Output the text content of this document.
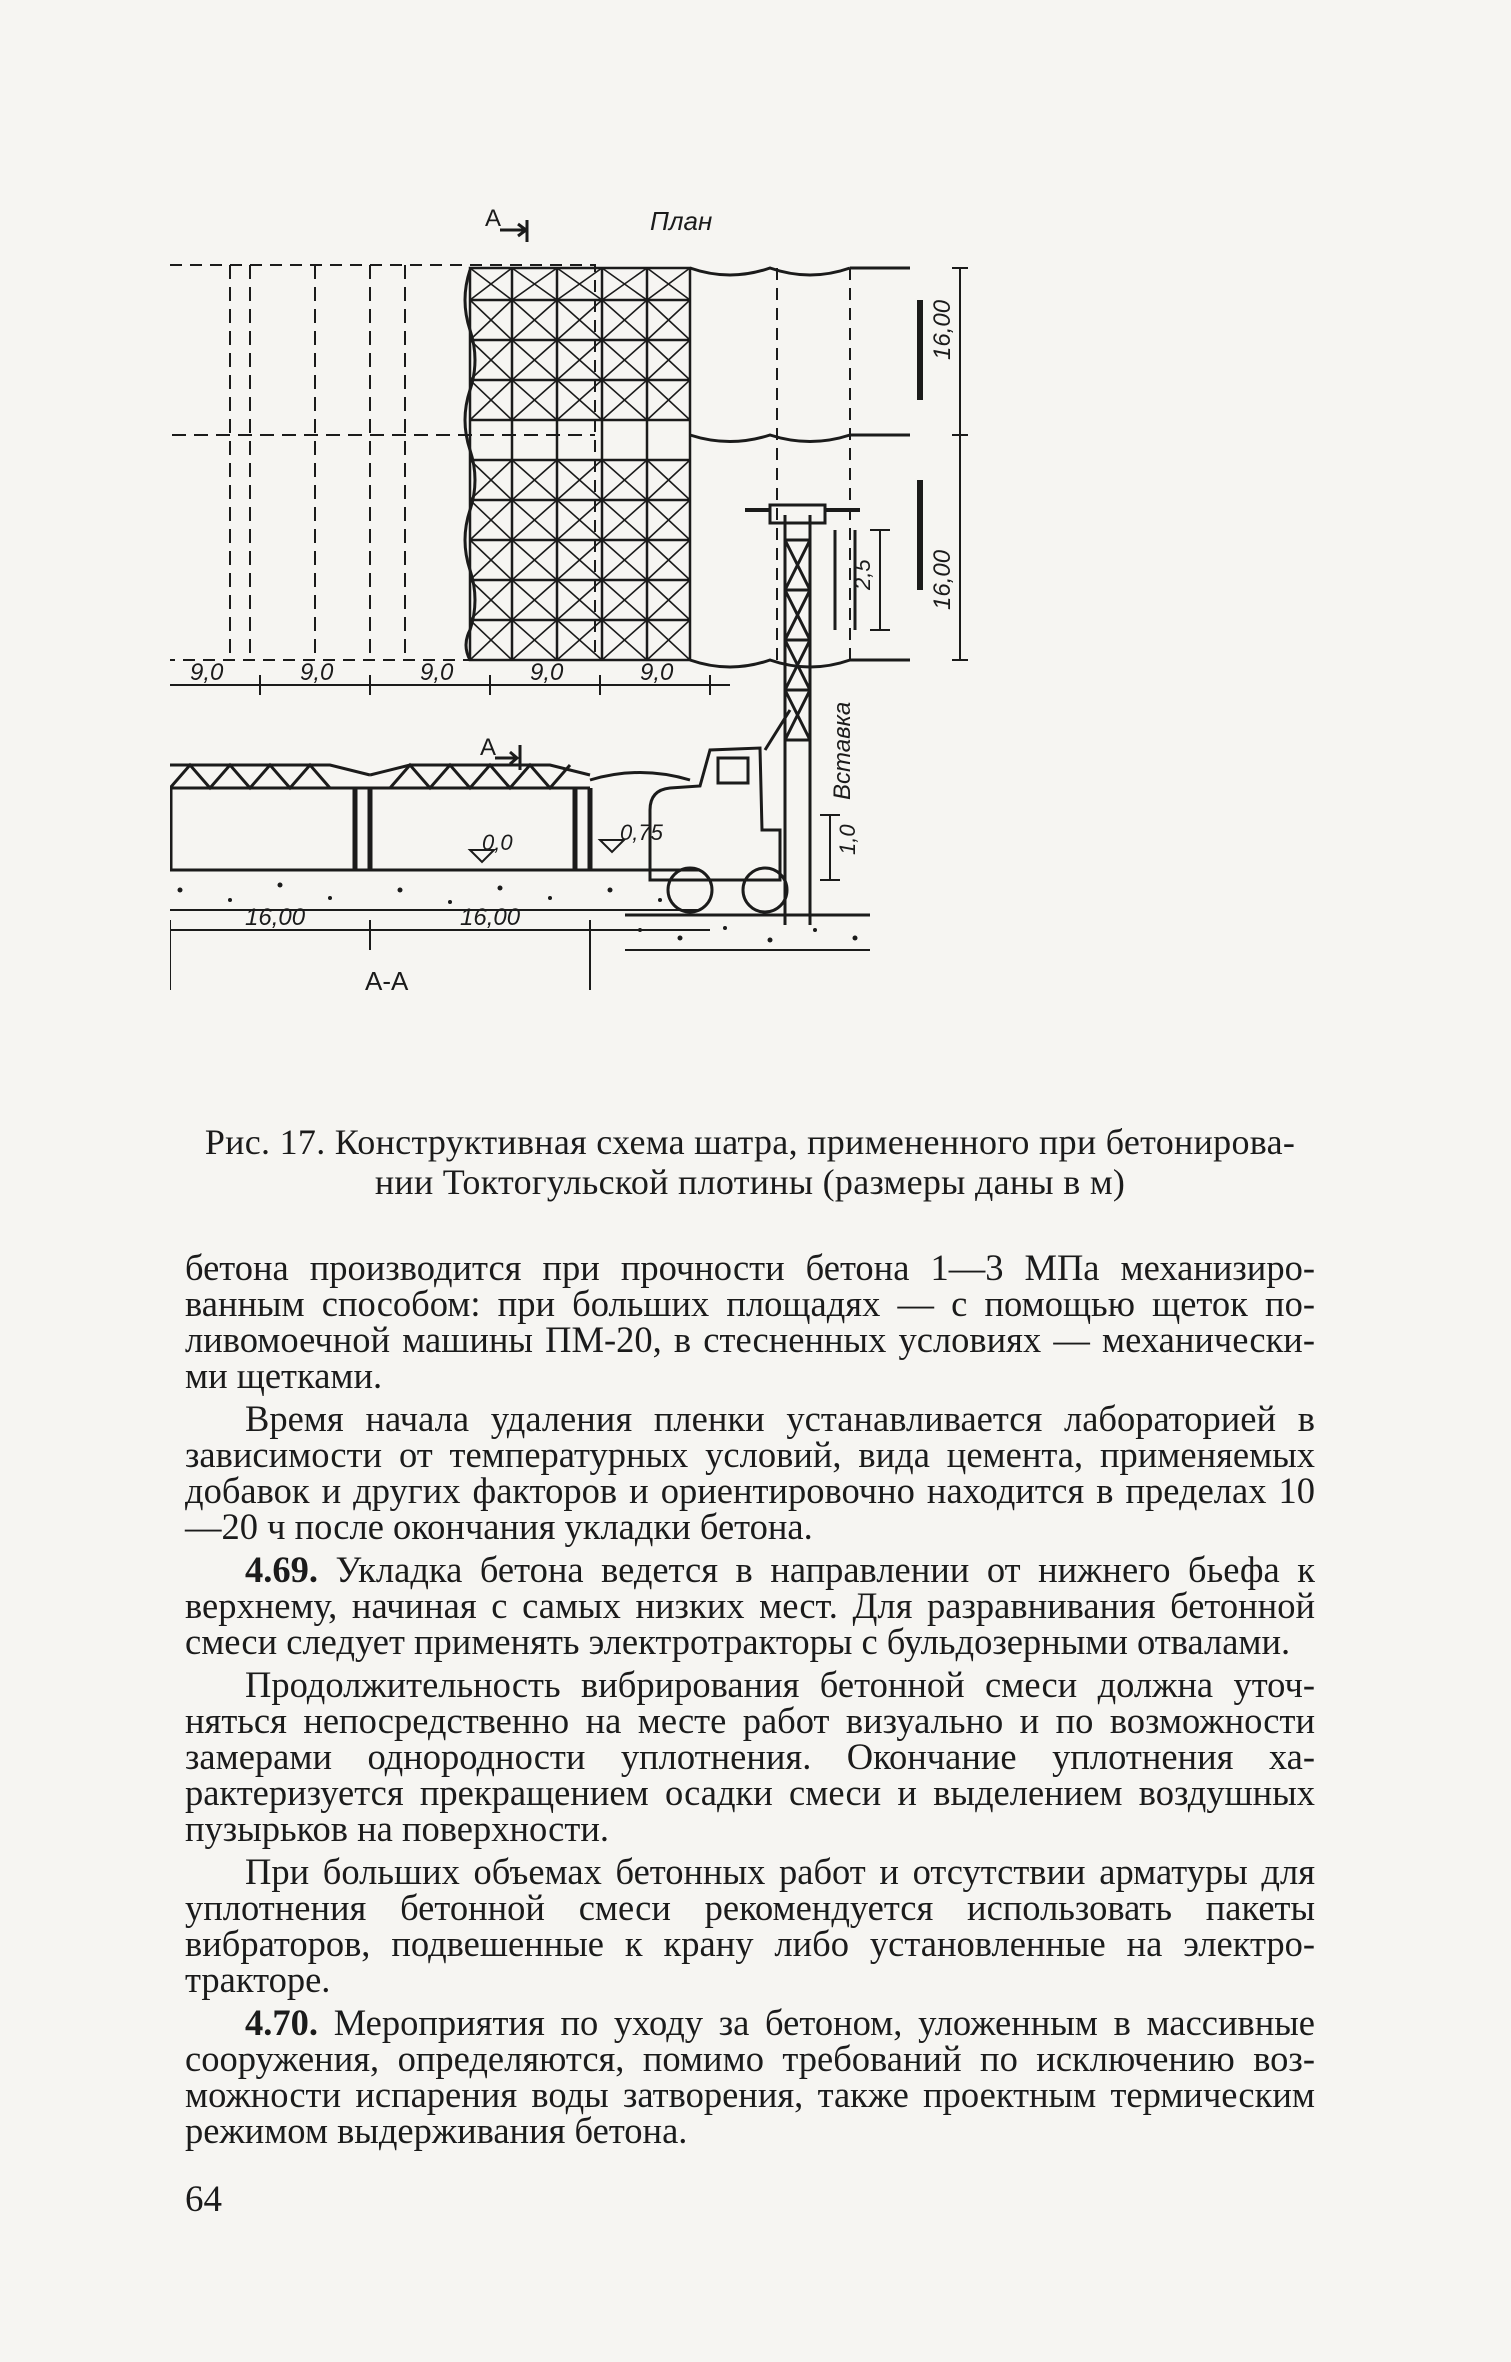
План
А
16,00
16,00
9,0	9,0	9,0	9,0	9,0
А
0,0	0,75
16,00	16,00
А-А
2,5
Вставка
1,0
Рис. 17. Конструктивная схема шатра, примененного при бетонирова-
нии Токтогульской плотины (размеры даны в м)

бетона производится при прочности бетона 1—3 МПа механизированным способом: при больших площадях — с помощью щеток поливомоечной машины ПМ-20, в стесненных условиях — механическими щетками.

Время начала удаления пленки устанавливается лабораторией в зависимости от температурных условий, вида цемента, применяемых добавок и других факторов и ориентировочно находится в пределах 10—20 ч после окончания укладки бетона.

4.69. Укладка бетона ведется в направлении от нижнего бьефа к верхнему, начиная с самых низких мест. Для разравнивания бетонной смеси следует применять электротракторы с бульдозерными отвалами.

Продолжительность вибрирования бетонной смеси должна уточняться непосредственно на месте работ визуально и по возможности замерами однородности уплотнения. Окончание уплотнения характеризуется прекращением осадки смеси и выделением воздушных пузырьков на поверхности.

При больших объемах бетонных работ и отсутствии арматуры для уплотнения бетонной смеси рекомендуется использовать пакеты вибраторов, подвешенные к крану либо установленные на электротракторе.

4.70. Мероприятия по уходу за бетоном, уложенным в массивные сооружения, определяются, помимо требований по исключению возможности испарения воды затворения, также проектным термическим режимом выдерживания бетона.

64
